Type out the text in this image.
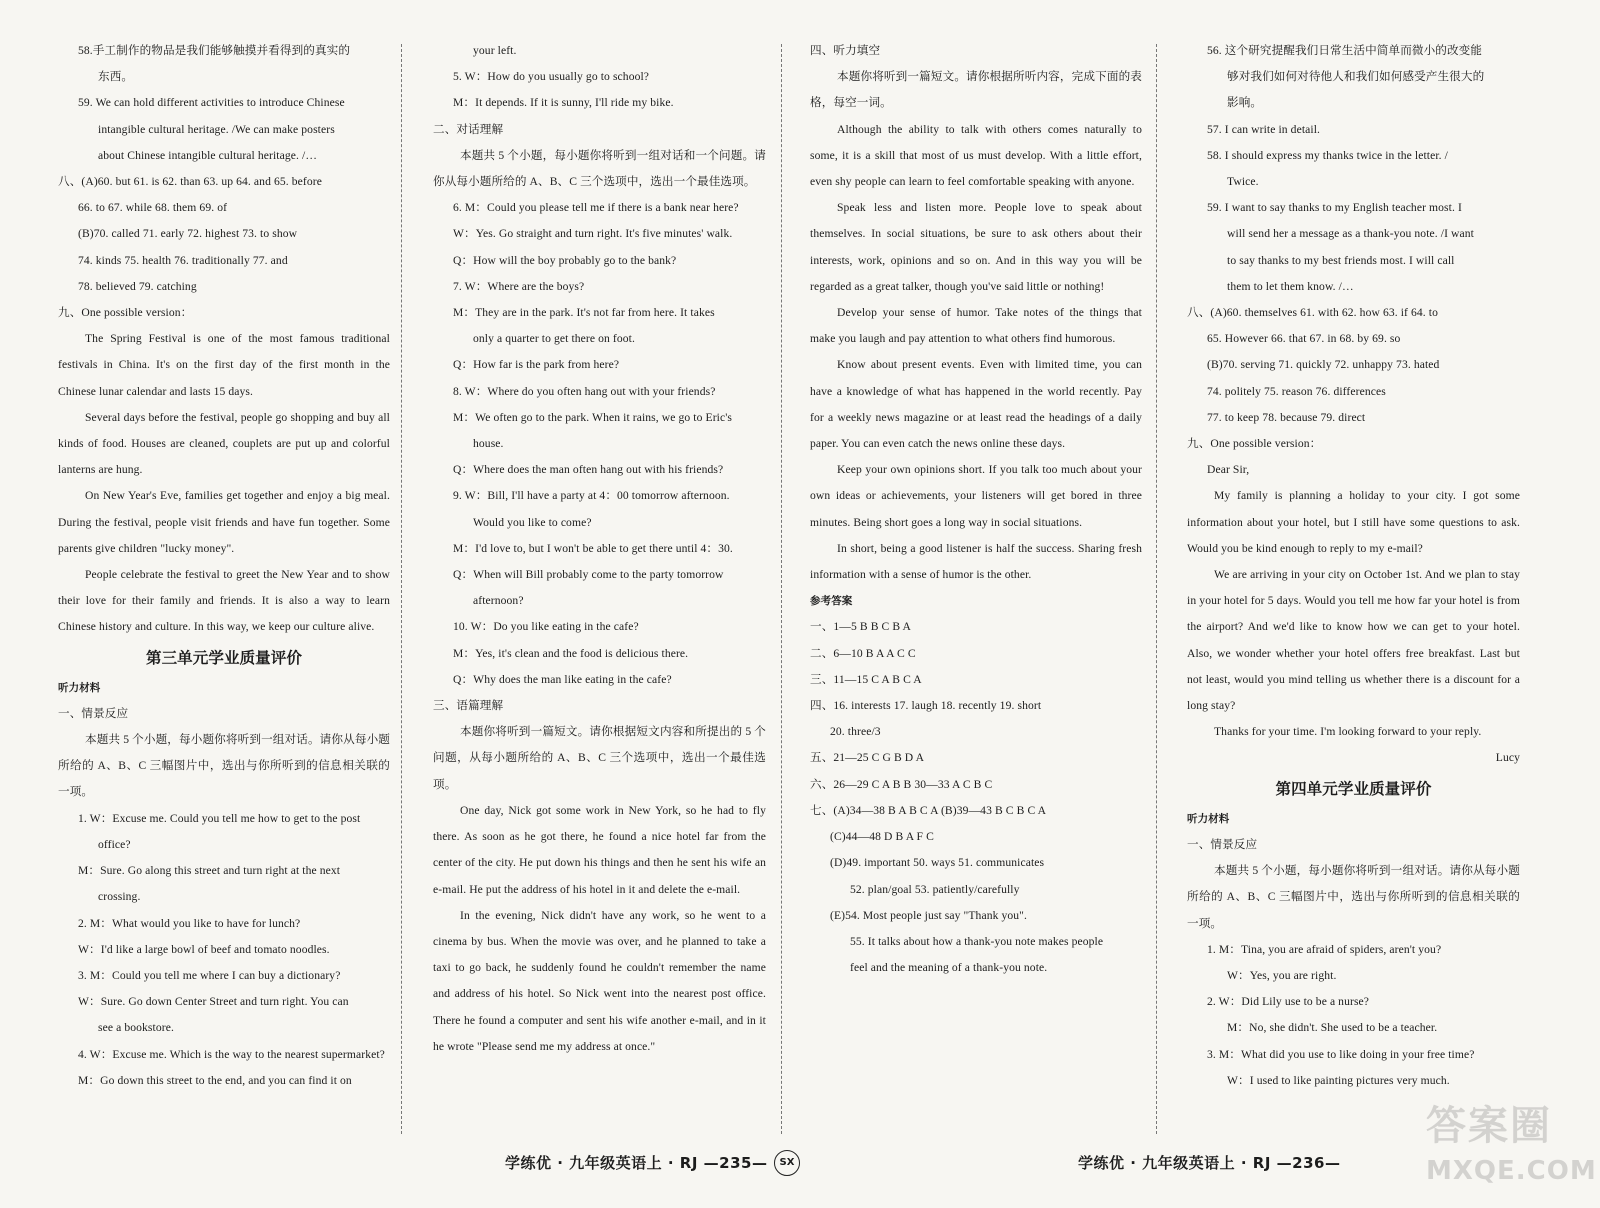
58.手工制作的物品是我们能够触摸并看得到的真实的

东西。

59. We can hold different activities to introduce Chinese

intangible cultural heritage. /We can make posters

about Chinese intangible cultural heritage. /…

八、(A)60. but 61. is 62. than 63. up 64. and 65. before

66. to 67. while 68. them 69. of

(B)70. called 71. early 72. highest 73. to show

74. kinds 75. health 76. traditionally 77. and

78. believed 79. catching

九、One possible version：

The Spring Festival is one of the most famous traditional festivals in China. It's on the first day of the first month in the Chinese lunar calendar and lasts 15 days.

Several days before the festival, people go shopping and buy all kinds of food. Houses are cleaned, couplets are put up and colorful lanterns are hung.

On New Year's Eve, families get together and enjoy a big meal. During the festival, people visit friends and have fun together. Some parents give children "lucky money".

People celebrate the festival to greet the New Year and to show their love for their family and friends. It is also a way to learn Chinese history and culture. In this way, we keep our culture alive.

第三单元学业质量评价

听力材料

一、情景反应

本题共 5 个小题，每小题你将听到一组对话。请你从每小题所给的 A、B、C 三幅图片中，选出与你所听到的信息相关联的一项。

1. W：Excuse me. Could you tell me how to get to the post

office?

M：Sure. Go along this street and turn right at the next

crossing.

2. M：What would you like to have for lunch?

W：I'd like a large bowl of beef and tomato noodles.

3. M：Could you tell me where I can buy a dictionary?

W：Sure. Go down Center Street and turn right. You can

see a bookstore.

4. W：Excuse me. Which is the way to the nearest supermarket?

M：Go down this street to the end, and you can find it on

your left.

5. W：How do you usually go to school?

M：It depends. If it is sunny, I'll ride my bike.

二、对话理解

本题共 5 个小题，每小题你将听到一组对话和一个问题。请你从每小题所给的 A、B、C 三个选项中，选出一个最佳选项。

6. M：Could you please tell me if there is a bank near here?

W：Yes. Go straight and turn right. It's five minutes' walk.

Q：How will the boy probably go to the bank?

7. W：Where are the boys?

M：They are in the park. It's not far from here. It takes

only a quarter to get there on foot.

Q：How far is the park from here?

8. W：Where do you often hang out with your friends?

M：We often go to the park. When it rains, we go to Eric's

house.

Q：Where does the man often hang out with his friends?

9. W：Bill, I'll have a party at 4：00 tomorrow afternoon.

Would you like to come?

M：I'd love to, but I won't be able to get there until 4：30.

Q：When will Bill probably come to the party tomorrow

afternoon?

10. W：Do you like eating in the cafe?

M：Yes, it's clean and the food is delicious there.

Q：Why does the man like eating in the cafe?

三、语篇理解

本题你将听到一篇短文。请你根据短文内容和所提出的 5 个问题，从每小题所给的 A、B、C 三个选项中，选出一个最佳选项。

One day, Nick got some work in New York, so he had to fly there. As soon as he got there, he found a nice hotel far from the center of the city. He put down his things and then he sent his wife an e-mail. He put the address of his hotel in it and delete the e-mail.

In the evening, Nick didn't have any work, so he went to a cinema by bus. When the movie was over, and he planned to take a taxi to go back, he suddenly found he couldn't remember the name and address of his hotel. So Nick went into the nearest post office. There he found a computer and sent his wife another e-mail, and in it he wrote "Please send me my address at once."

四、听力填空

本题你将听到一篇短文。请你根据所听内容，完成下面的表格，每空一词。

Although the ability to talk with others comes naturally to some, it is a skill that most of us must develop. With a little effort, even shy people can learn to feel comfortable speaking with anyone.

Speak less and listen more. People love to speak about themselves. In social situations, be sure to ask others about their interests, work, opinions and so on. And in this way you will be regarded as a great talker, though you've said little or nothing!

Develop your sense of humor. Take notes of the things that make you laugh and pay attention to what others find humorous.

Know about present events. Even with limited time, you can have a knowledge of what has happened in the world recently. Pay for a weekly news magazine or at least read the headings of a daily paper. You can even catch the news online these days.

Keep your own opinions short. If you talk too much about your own ideas or achievements, your listeners will get bored in three minutes. Being short goes a long way in social situations.

In short, being a good listener is half the success. Sharing fresh information with a sense of humor is the other.

参考答案

一、1—5 B B C B A

二、6—10 B A A C C

三、11—15 C A B C A

四、16. interests 17. laugh 18. recently 19. short

20. three/3

五、21—25 C G B D A

六、26—29 C A B B 30—33 A C B C

七、(A)34—38 B A B C A (B)39—43 B C B C A

(C)44—48 D B A F C

(D)49. important 50. ways 51. communicates

52. plan/goal 53. patiently/carefully

(E)54. Most people just say "Thank you".

55. It talks about how a thank-you note makes people

feel and the meaning of a thank-you note.

56. 这个研究提醒我们日常生活中简单而微小的改变能

够对我们如何对待他人和我们如何感受产生很大的

影响。

57. I can write in detail.

58. I should express my thanks twice in the letter. /

Twice.

59. I want to say thanks to my English teacher most. I

will send her a message as a thank-you note. /I want

to say thanks to my best friends most. I will call

them to let them know. /…

八、(A)60. themselves 61. with 62. how 63. if 64. to

65. However 66. that 67. in 68. by 69. so

(B)70. serving 71. quickly 72. unhappy 73. hated

74. politely 75. reason 76. differences

77. to keep 78. because 79. direct

九、One possible version：

Dear Sir,

My family is planning a holiday to your city. I got some information about your hotel, but I still have some questions to ask. Would you be kind enough to reply to my e-mail?

We are arriving in your city on October 1st. And we plan to stay in your hotel for 5 days. Would you tell me how far your hotel is from the airport? And we'd like to know how we can get to your hotel. Also, we wonder whether your hotel offers free breakfast. Last but not least, would you mind telling us whether there is a discount for a long stay?

Thanks for your time. I'm looking forward to your reply.

Lucy

第四单元学业质量评价

听力材料

一、情景反应

本题共 5 个小题，每小题你将听到一组对话。请你从每小题所给的 A、B、C 三幅图片中，选出与你所听到的信息相关联的一项。

1. M：Tina, you are afraid of spiders, aren't you?

W：Yes, you are right.

2. W：Did Lily use to be a nurse?

M：No, she didn't. She used to be a teacher.

3. M：What did you use to like doing in your free time?

W：I used to like painting pictures very much.

学练优 · 九年级英语上 · RJ —235—	SX	学练优 · 九年级英语上 · RJ —236—
答案圈
MXQE.COM
